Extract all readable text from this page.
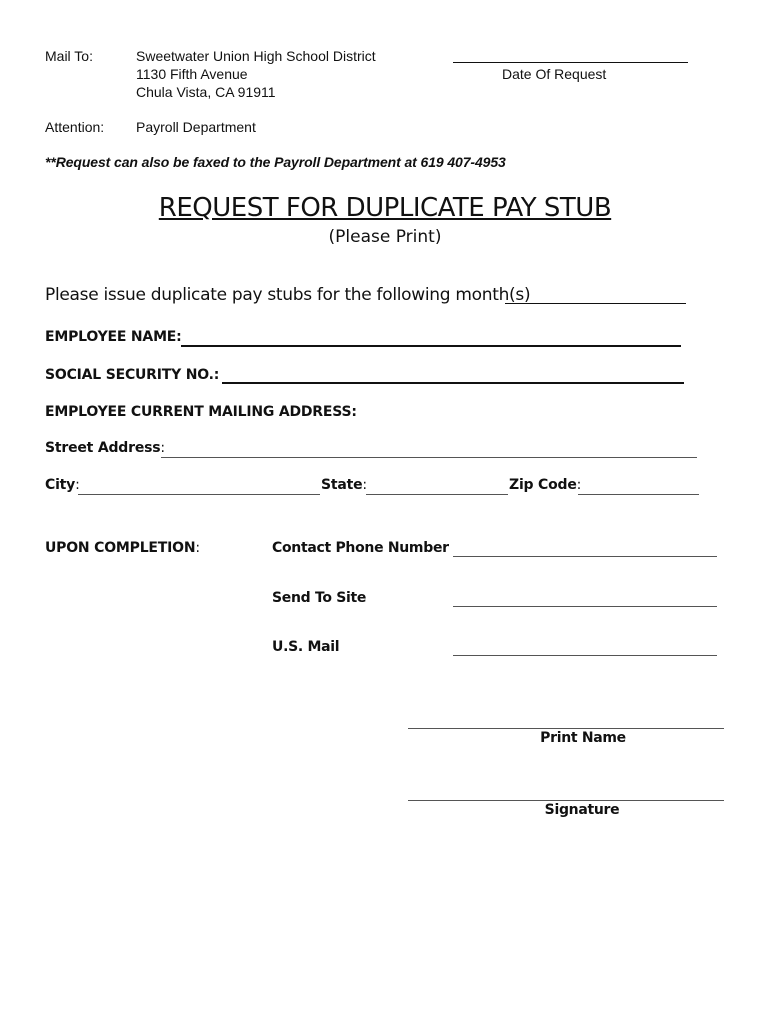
Mail To:	Sweetwater Union High School District
1130 Fifth Avenue
Chula Vista, CA 91911
Date Of Request
Attention: Payroll Department
**Request can also be faxed to the Payroll Department at 619 407-4953
REQUEST FOR DUPLICATE PAY STUB
(Please Print)
Please issue duplicate pay stubs for the following month(s)
EMPLOYEE NAME:
SOCIAL SECURITY NO.:
EMPLOYEE CURRENT MAILING ADDRESS:
Street Address:
City:	State:	Zip Code:
UPON COMPLETION:	Contact Phone Number
Send To Site
U.S. Mail
Print Name
Signature
